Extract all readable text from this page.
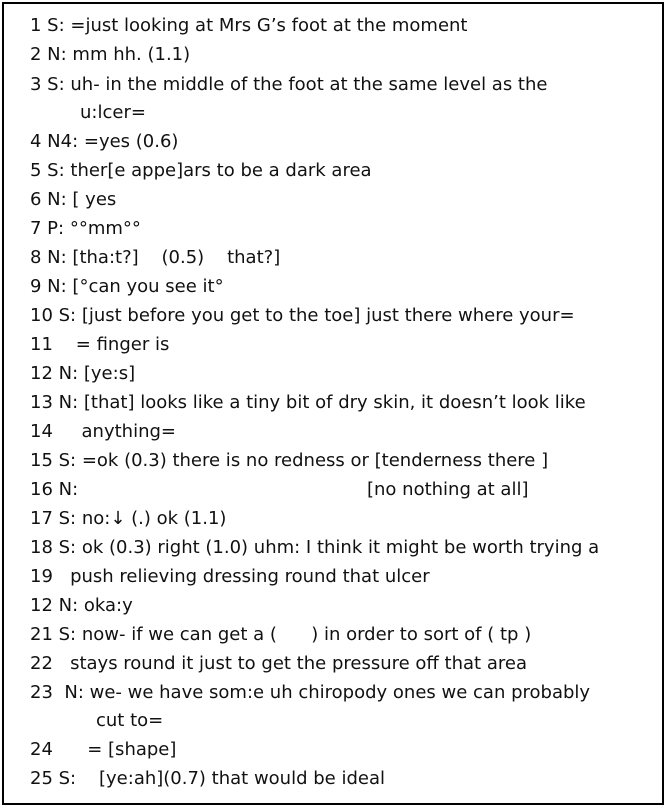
1 S: =just looking at Mrs G’s foot at the moment
2 N: mm hh. (1.1)
3 S: uh- in the middle of the foot at the same level as the
u:lcer=
4 N4: =yes (0.6)
5 S: ther[e appe]ars to be a dark area
6 N: [ yes
7 P: °°mm°°
8 N: [tha:t?]    (0.5)    that?]
9 N: [°can you see it°
10 S: [just before you get to the toe] just there where your=
11    = finger is
12 N: [ye:s]
13 N: [that] looks like a tiny bit of dry skin, it doesn’t look like
14     anything=
15 S: =ok (0.3) there is no redness or [tenderness there ]
16 N:	[no nothing at all]
17 S: no:↓ (.) ok (1.1)
18 S: ok (0.3) right (1.0) uhm: I think it might be worth trying a
19   push relieving dressing round that ulcer
12 N: oka:y
21 S: now- if we can get a (      ) in order to sort of ( tp )
22   stays round it just to get the pressure off that area
23  N: we- we have som:e uh chiropody ones we can probably
cut to=
24      = [shape]
25 S:    [ye:ah](0.7) that would be ideal
